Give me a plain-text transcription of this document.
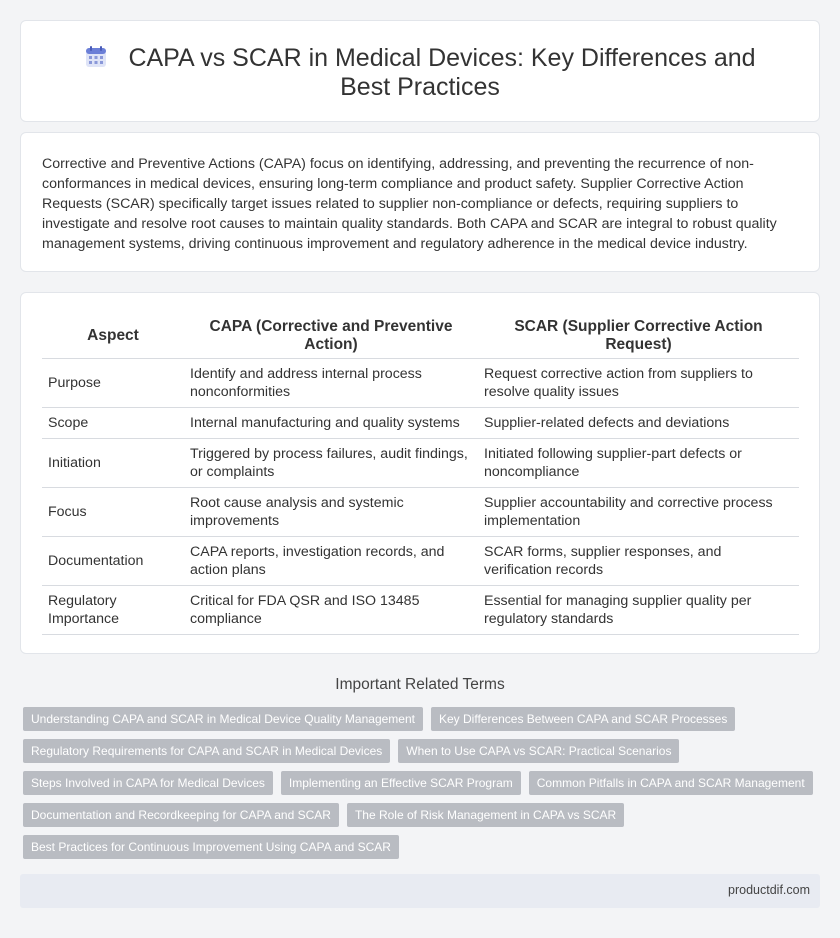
CAPA vs SCAR in Medical Devices: Key Differences and Best Practices

Corrective and Preventive Actions (CAPA) focus on identifying, addressing, and preventing the recurrence of non-conformances in medical devices, ensuring long-term compliance and product safety. Supplier Corrective Action Requests (SCAR) specifically target issues related to supplier non-compliance or defects, requiring suppliers to investigate and resolve root causes to maintain quality standards. Both CAPA and SCAR are integral to robust quality management systems, driving continuous improvement and regulatory adherence in the medical device industry.

Aspect	CAPA (Corrective and Preventive Action)	SCAR (Supplier Corrective Action Request)
Purpose	Identify and address internal process nonconformities	Request corrective action from suppliers to resolve quality issues
Scope	Internal manufacturing and quality systems	Supplier-related defects and deviations
Initiation	Triggered by process failures, audit findings, or complaints	Initiated following supplier-part defects or noncompliance
Focus	Root cause analysis and systemic improvements	Supplier accountability and corrective process implementation
Documentation	CAPA reports, investigation records, and action plans	SCAR forms, supplier responses, and verification records
Regulatory Importance	Critical for FDA QSR and ISO 13485 compliance	Essential for managing supplier quality per regulatory standards
Important Related Terms
Understanding CAPA and SCAR in Medical Device Quality Management	Key Differences Between CAPA and SCAR Processes
Regulatory Requirements for CAPA and SCAR in Medical Devices	When to Use CAPA vs SCAR: Practical Scenarios
Steps Involved in CAPA for Medical Devices	Implementing an Effective SCAR Program	Common Pitfalls in CAPA and SCAR Management
Documentation and Recordkeeping for CAPA and SCAR	The Role of Risk Management in CAPA vs SCAR
Best Practices for Continuous Improvement Using CAPA and SCAR
productdif.com
